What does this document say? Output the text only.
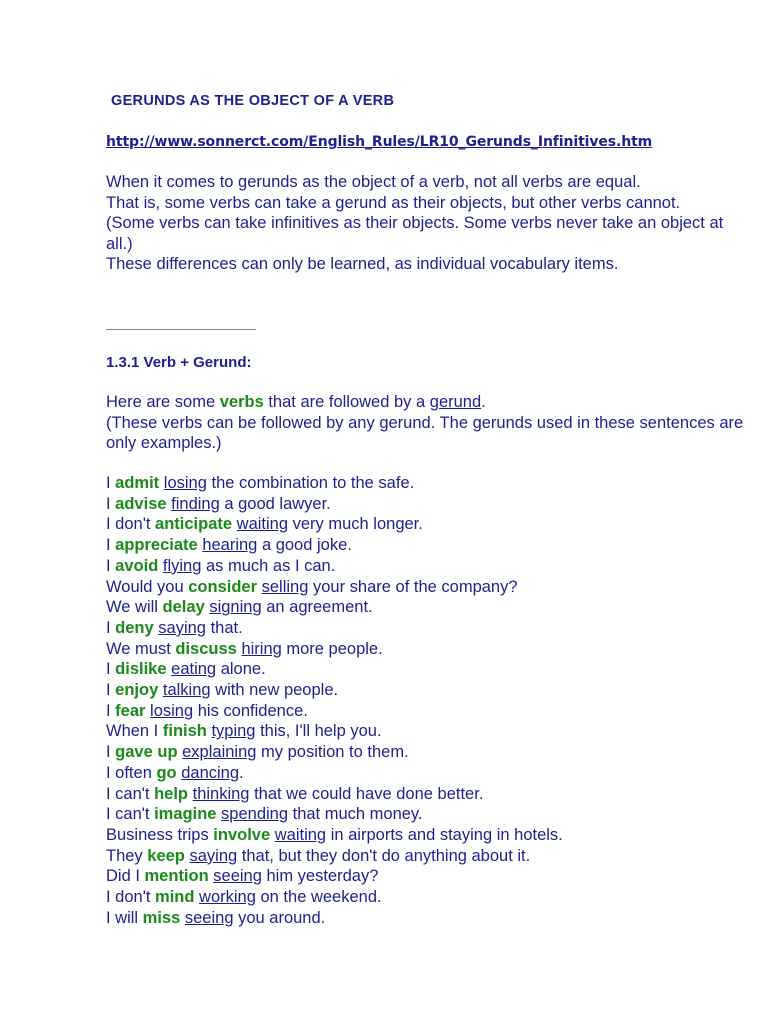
GERUNDS AS THE OBJECT OF A VERB
http://www.sonnerct.com/English_Rules/LR10_Gerunds_Infinitives.htm

When it comes to gerunds as the object of a verb, not all verbs are equal.

That is, some verbs can take a gerund as their objects, but other verbs cannot.

(Some verbs can take infinitives as their objects. Some verbs never take an object at all.)

These differences can only be learned, as individual vocabulary items.

1.3.1 Verb + Gerund:

Here are some verbs that are followed by a gerund.

(These verbs can be followed by any gerund. The gerunds used in these sentences are only examples.)

I admit losing the combination to the safe.
I advise finding a good lawyer.
I don't anticipate waiting very much longer.
I appreciate hearing a good joke.
I avoid flying as much as I can.
Would you consider selling your share of the company?
We will delay signing an agreement.
I deny saying that.
We must discuss hiring more people.
I dislike eating alone.
I enjoy talking with new people.
I fear losing his confidence.
When I finish typing this, I'll help you.
I gave up explaining my position to them.
I often go dancing.
I can't help thinking that we could have done better.
I can't imagine spending that much money.
Business trips involve waiting in airports and staying in hotels.
They keep saying that, but they don't do anything about it.
Did I mention seeing him yesterday?
I don't mind working on the weekend.
I will miss seeing you around.
